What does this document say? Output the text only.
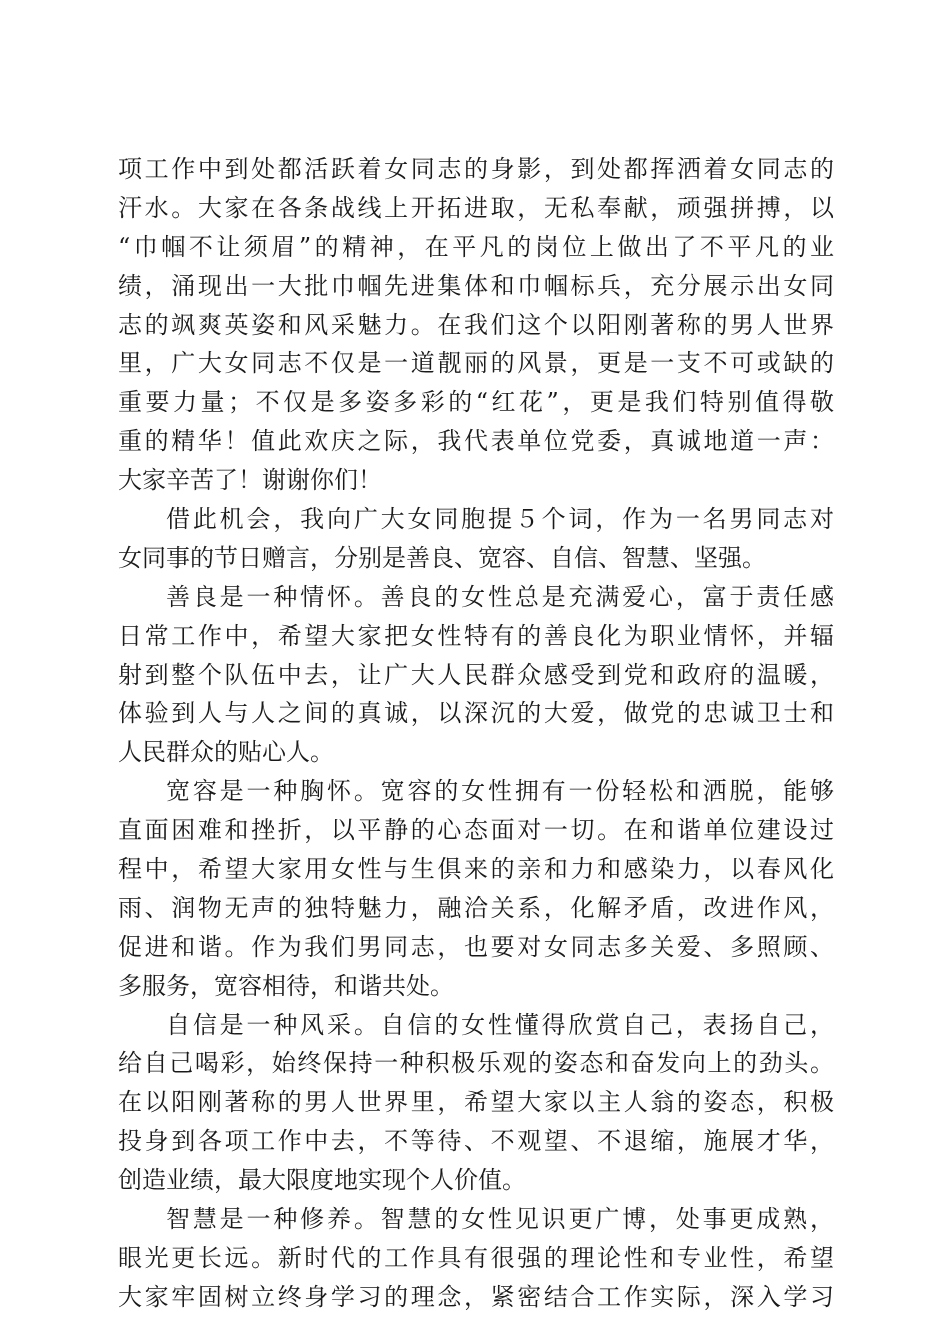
项工作中到处都活跃着女同志的身影，到处都挥洒着女同志的
汗水。大家在各条战线上开拓进取，无私奉献，顽强拼搏，以
“巾帼不让须眉”的精神，在平凡的岗位上做出了不平凡的业
绩，涌现出一大批巾帼先进集体和巾帼标兵，充分展示出女同
志的飒爽英姿和风采魅力。在我们这个以阳刚著称的男人世界
里，广大女同志不仅是一道靓丽的风景，更是一支不可或缺的
重要力量；不仅是多姿多彩的“红花”，更是我们特别值得敬
重的精华！值此欢庆之际，我代表单位党委，真诚地道一声：
大家辛苦了！谢谢你们！
借此机会，我向广大女同胞提５个词，作为一名男同志对
女同事的节日赠言，分别是善良、宽容、自信、智慧、坚强。
善良是一种情怀。善良的女性总是充满爱心，富于责任感
日常工作中，希望大家把女性特有的善良化为职业情怀，并辐
射到整个队伍中去，让广大人民群众感受到党和政府的温暖，
体验到人与人之间的真诚，以深沉的大爱，做党的忠诚卫士和
人民群众的贴心人。
宽容是一种胸怀。宽容的女性拥有一份轻松和洒脱，能够
直面困难和挫折，以平静的心态面对一切。在和谐单位建设过
程中，希望大家用女性与生俱来的亲和力和感染力，以春风化
雨、润物无声的独特魅力，融洽关系，化解矛盾，改进作风，
促进和谐。作为我们男同志，也要对女同志多关爱、多照顾、
多服务，宽容相待，和谐共处。
自信是一种风采。自信的女性懂得欣赏自己，表扬自己，
给自己喝彩，始终保持一种积极乐观的姿态和奋发向上的劲头。
在以阳刚著称的男人世界里，希望大家以主人翁的姿态，积极
投身到各项工作中去，不等待、不观望、不退缩，施展才华，
创造业绩，最大限度地实现个人价值。
智慧是一种修养。智慧的女性见识更广博，处事更成熟，
眼光更长远。新时代的工作具有很强的理论性和专业性，希望
大家牢固树立终身学习的理念，紧密结合工作实际，深入学习
